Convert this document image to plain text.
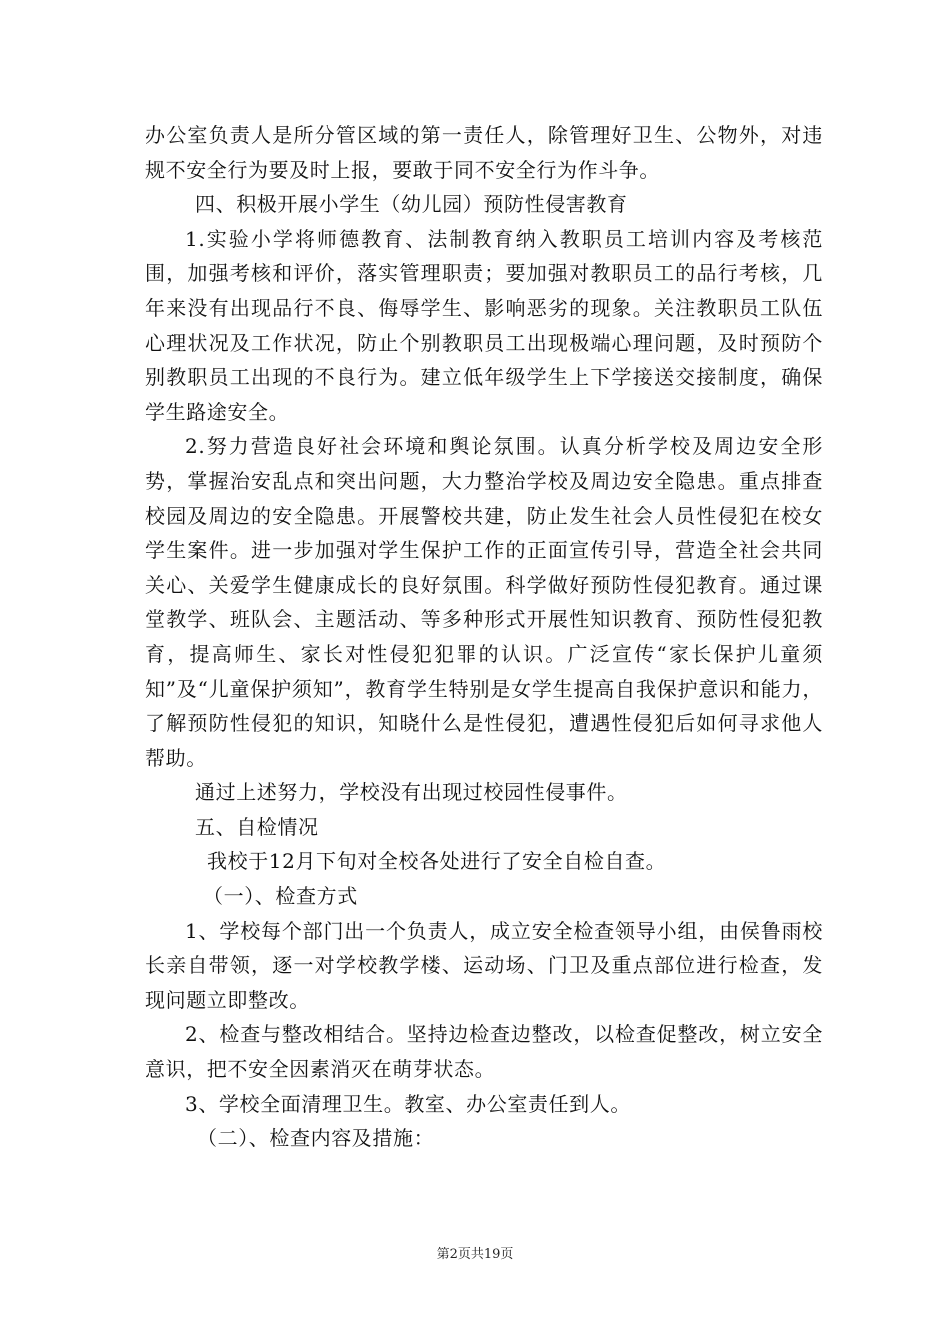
办公室负责人是所分管区域的第一责任人，除管理好卫生、公物外，对违规不安全行为要及时上报，要敢于同不安全行为作斗争。

四、积极开展小学生（幼儿园）预防性侵害教育

1.实验小学将师德教育、法制教育纳入教职员工培训内容及考核范围，加强考核和评价，落实管理职责；要加强对教职员工的品行考核，几年来没有出现品行不良、侮辱学生、影响恶劣的现象。关注教职员工队伍心理状况及工作状况，防止个别教职员工出现极端心理问题，及时预防个别教职员工出现的不良行为。建立低年级学生上下学接送交接制度，确保学生路途安全。

2.努力营造良好社会环境和舆论氛围。认真分析学校及周边安全形势，掌握治安乱点和突出问题，大力整治学校及周边安全隐患。重点排查校园及周边的安全隐患。开展警校共建，防止发生社会人员性侵犯在校女学生案件。进一步加强对学生保护工作的正面宣传引导，营造全社会共同关心、关爱学生健康成长的良好氛围。科学做好预防性侵犯教育。通过课堂教学、班队会、主题活动、等多种形式开展性知识教育、预防性侵犯教育，提高师生、家长对性侵犯犯罪的认识。广泛宣传“家长保护儿童须知”及“儿童保护须知”，教育学生特别是女学生提高自我保护意识和能力，了解预防性侵犯的知识，知晓什么是性侵犯，遭遇性侵犯后如何寻求他人帮助。

通过上述努力，学校没有出现过校园性侵事件。

五、自检情况

我校于12月下旬对全校各处进行了安全自检自查。

（一）、检查方式

1、学校每个部门出一个负责人，成立安全检查领导小组，由侯鲁雨校长亲自带领，逐一对学校教学楼、运动场、门卫及重点部位进行检查，发现问题立即整改。

2、检查与整改相结合。坚持边检查边整改，以检查促整改，树立安全意识，把不安全因素消灭在萌芽状态。

3、学校全面清理卫生。教室、办公室责任到人。

（二）、检查内容及措施：

第2页共19页
